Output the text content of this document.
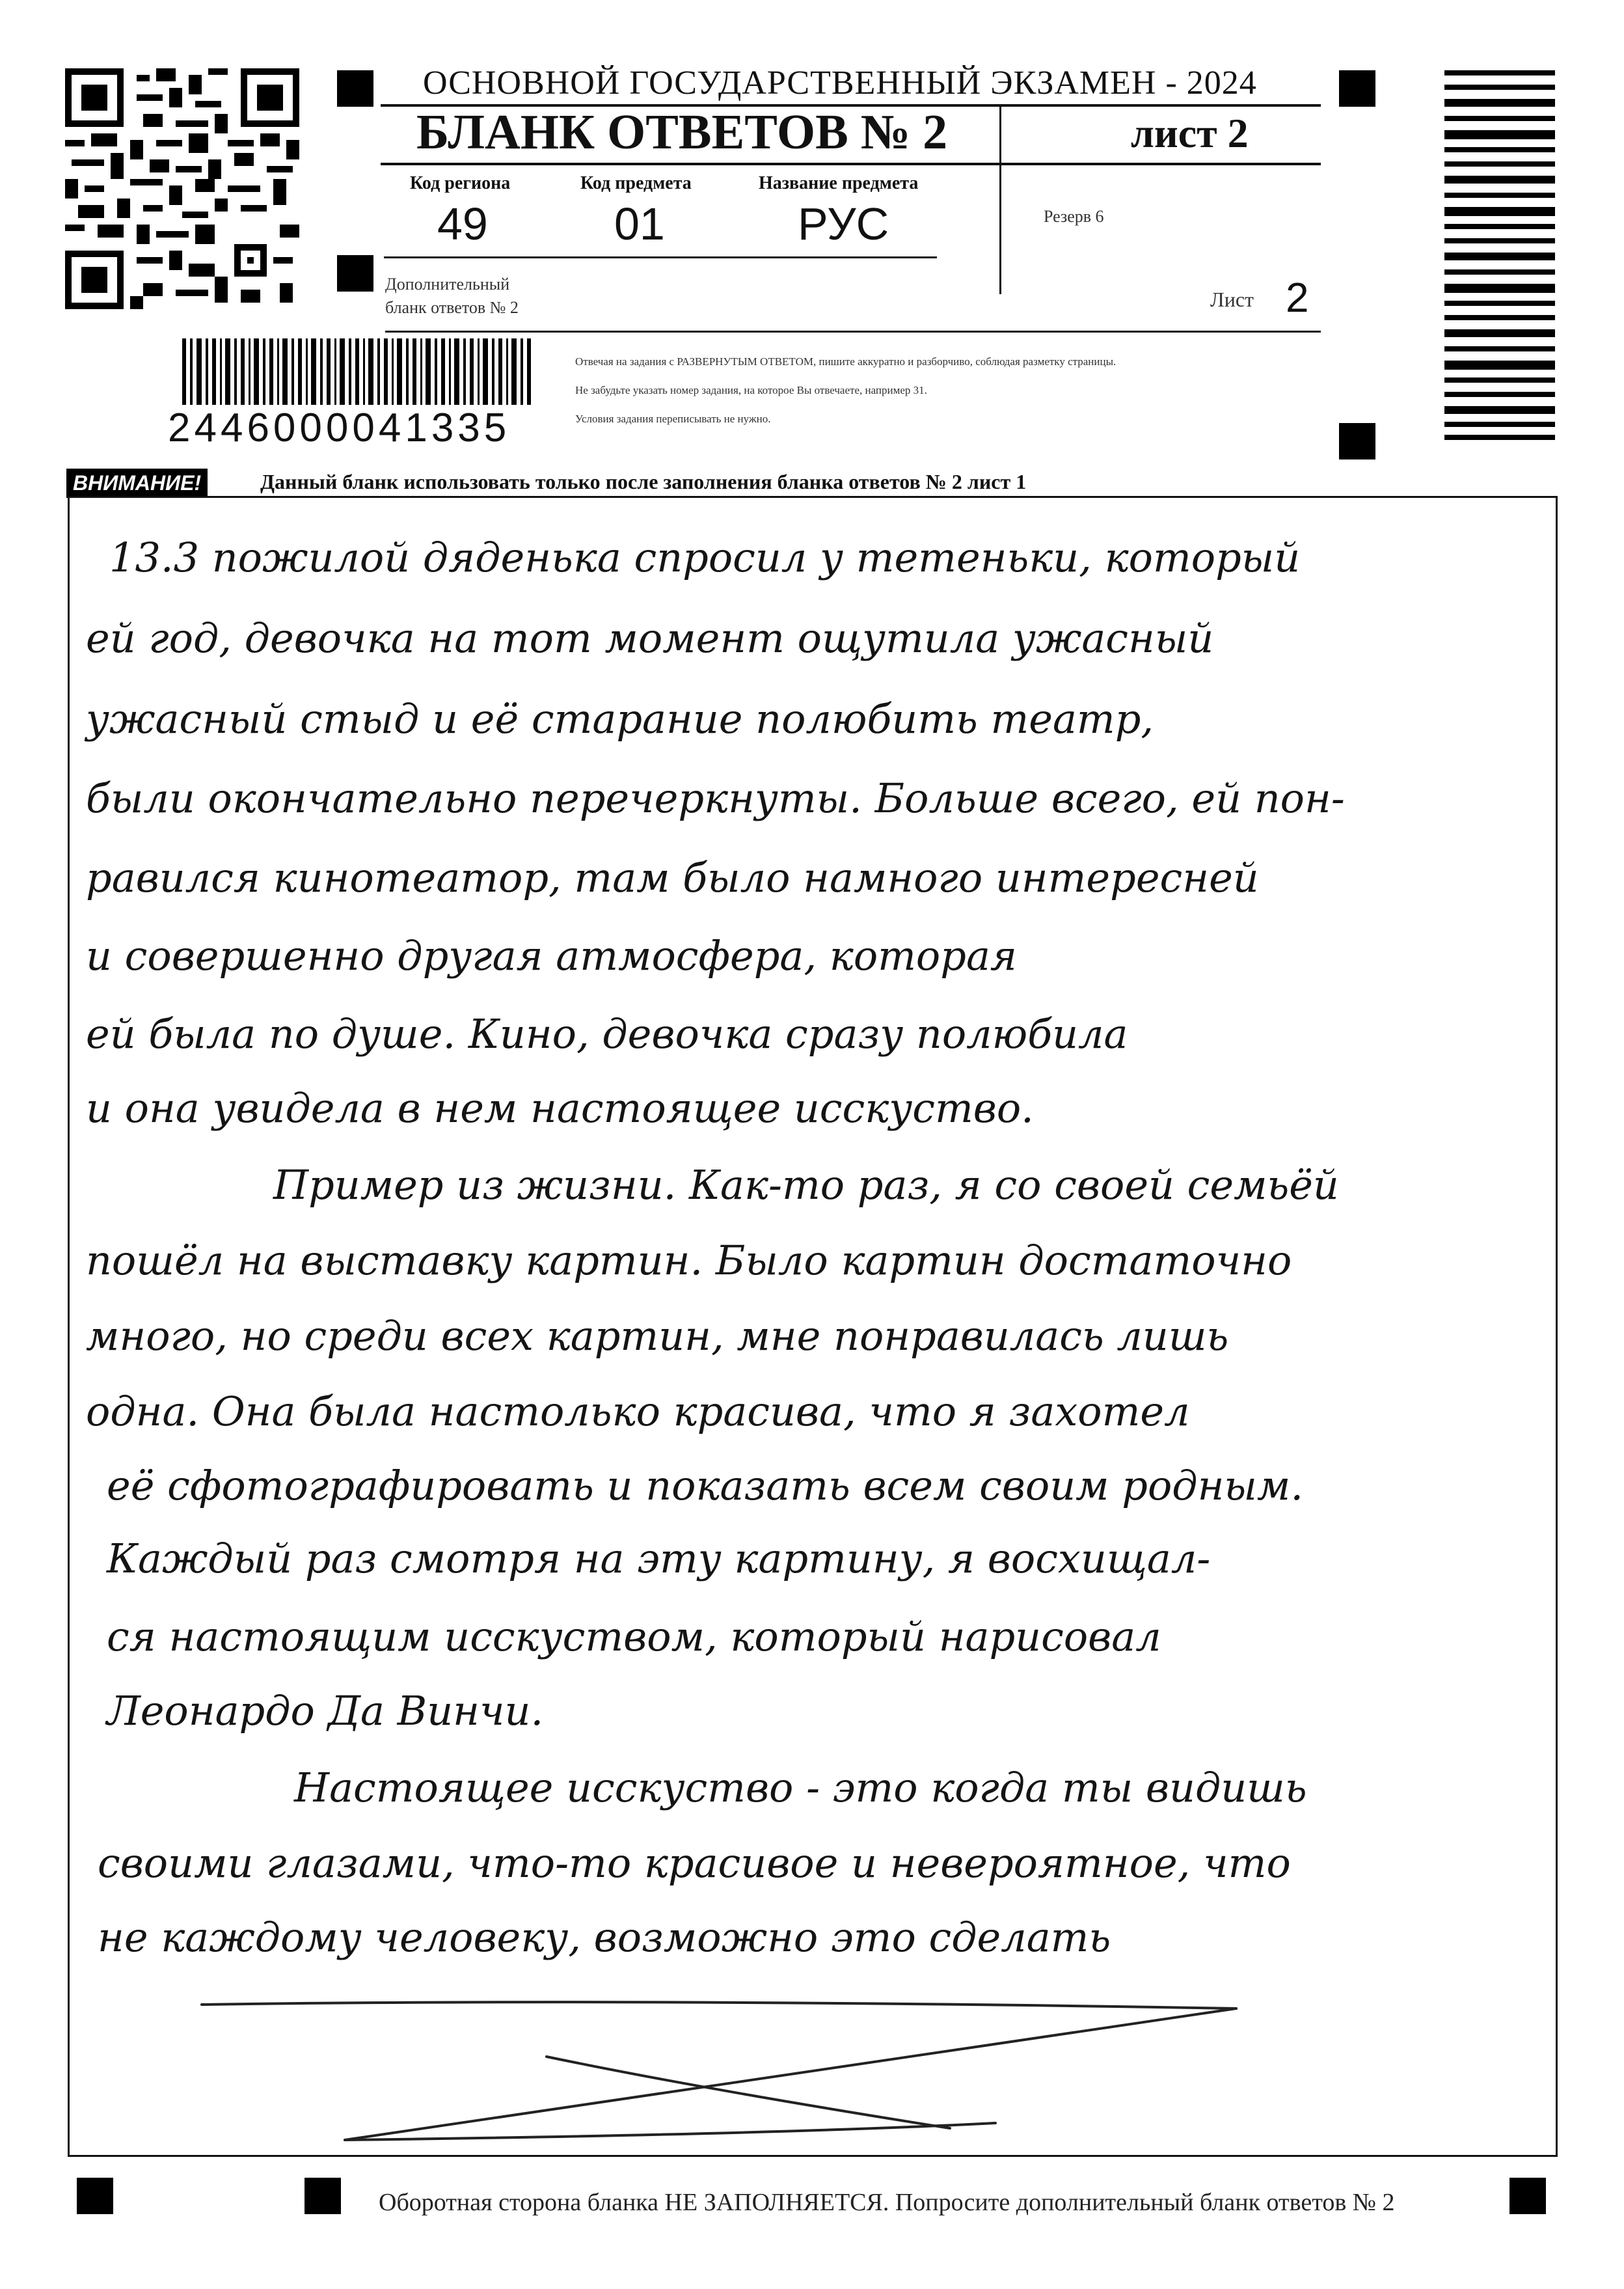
ОСНОВНОЙ ГОСУДАРСТВЕННЫЙ ЭКЗАМЕН - 2024
БЛАНК ОТВЕТОВ № 2	лист 2
Код региона
49
Код предмета
01
Название предмета
РУС	Резерв 6
Дополнительный
бланк ответов № 2	Лист 2
Отвечая на задания с РАЗВЕРНУТЫМ ОТВЕТОМ, пишите аккуратно и разборчиво, соблюдая разметку страницы.
Не забудьте указать номер задания, на которое Вы отвечаете, например 31.
Условия задания переписывать не нужно.
2446000041335
ВНИМАНИЕ!	Данный бланк использовать только после заполнения бланка ответов № 2 лист 1
13.3 пожилой дяденька спросил у тетеньки, который
ей год, девочка на тот момент ощутила ужасный
ужасный стыд и её старание полюбить театр,
были окончательно перечеркнуты. Больше всего, ей пон-
равился кинотеатор, там было намного интересней
и совершенно другая атмосфера, которая
ей была по душе. Кино, девочка сразу полюбила
и она увидела в нем настоящее исскуство.
Пример из жизни. Как-то раз, я со своей семьёй
пошёл на выставку картин. Было картин достаточно
много, но среди всех картин, мне понравилась лишь
одна. Она была настолько красива, что я захотел
её сфотографировать и показать всем своим родным.
Каждый раз смотря на эту картину, я восхищал-
ся настоящим исскуством, который нарисовал
Леонардо Да Винчи.
Настоящее исскуство - это когда ты видишь
своими глазами, что-то красивое и невероятное, что
не каждому человеку, возможно это сделать
Оборотная сторона бланка НЕ ЗАПОЛНЯЕТСЯ. Попросите дополнительный бланк ответов № 2
